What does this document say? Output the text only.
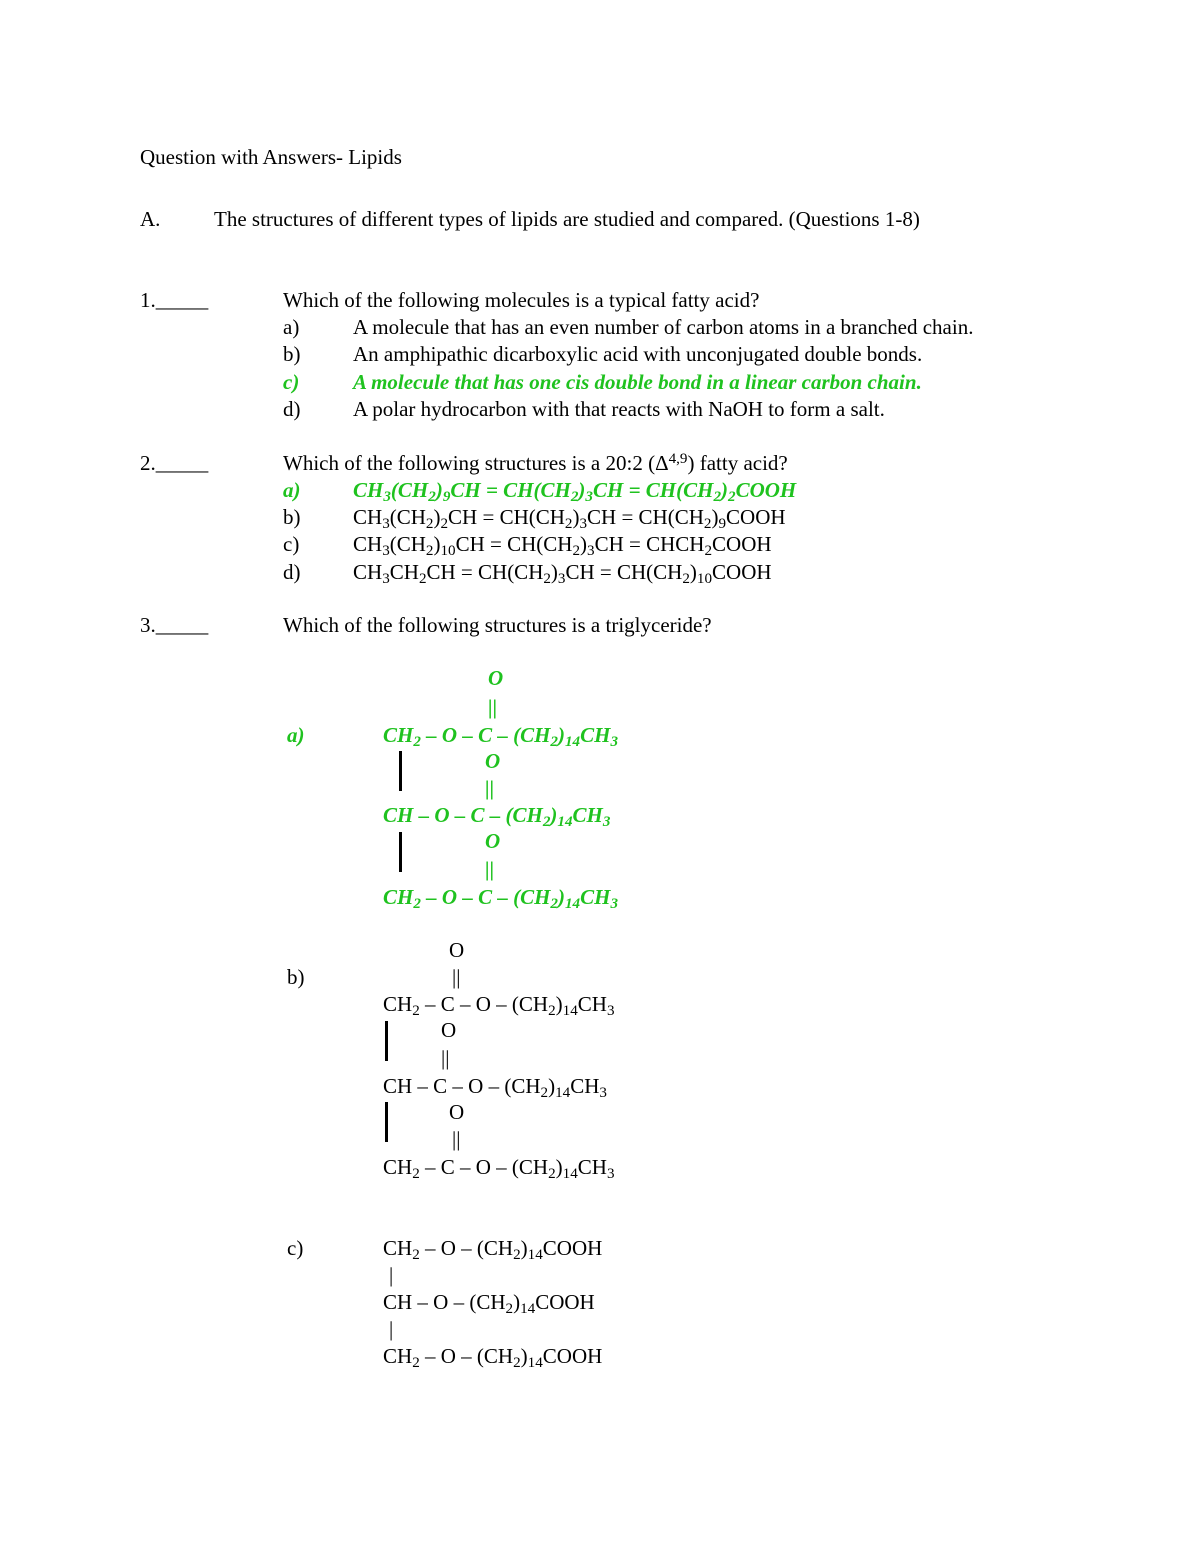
Question with Answers- Lipids
A.	The structures of different types of lipids are studied and compared. (Questions 1-8)
1._____	Which of the following molecules is a typical fatty acid?
a)	A molecule that has an even number of carbon atoms in a branched chain.
b)	An amphipathic dicarboxylic acid with unconjugated double bonds.
c)	A molecule that has one cis double bond in a linear carbon chain.
d)	A polar hydrocarbon with that reacts with NaOH to form a salt.
2._____	Which of the following structures is a 20:2 $(\Delta^{4,9})$ fatty acid?
a)	$CH_3(CH_2)_9CH = CH(CH_2)_3CH$ = $CH(CH_2)_2COOH$
b)	$CH_3(CH_2)_2CH = CH(CH_2)_3CH$ = $CH(CH_2)_9COOH$
c)	$CH_3(CH_2)_{10}CH = CH(CH_2)_3CH$ = $CHCH_2COOH$
d)	$CH_3CH_2CH = CH(CH_2)_3CH$ = $CH(CH_2)_{10}COOH$
3._____	Which of the following structures is a triglyceride?
O
||
a)	$CH_2$ – O – C – $(CH_2)_{14}CH_3$
O
||
CH – O – C – $(CH_2)_{14}CH_3$
O
||
$CH_2$ – O – C – $(CH_2)_{14}CH_3$
O
b)	||
$CH_2$ – C – O – $(CH_2)_{14}CH_3$
O
||
CH – C – O – $(CH_2)_{14}CH_3$
O
||
$CH_2$ – C – O – $(CH_2)_{14}CH_3$
c)	$CH_2$ – O – $(CH_2)_{14}COOH$
|
CH – O – $(CH_2)_{14}COOH$
|
$CH_2$ – O – $(CH_2)_{14}COOH$
